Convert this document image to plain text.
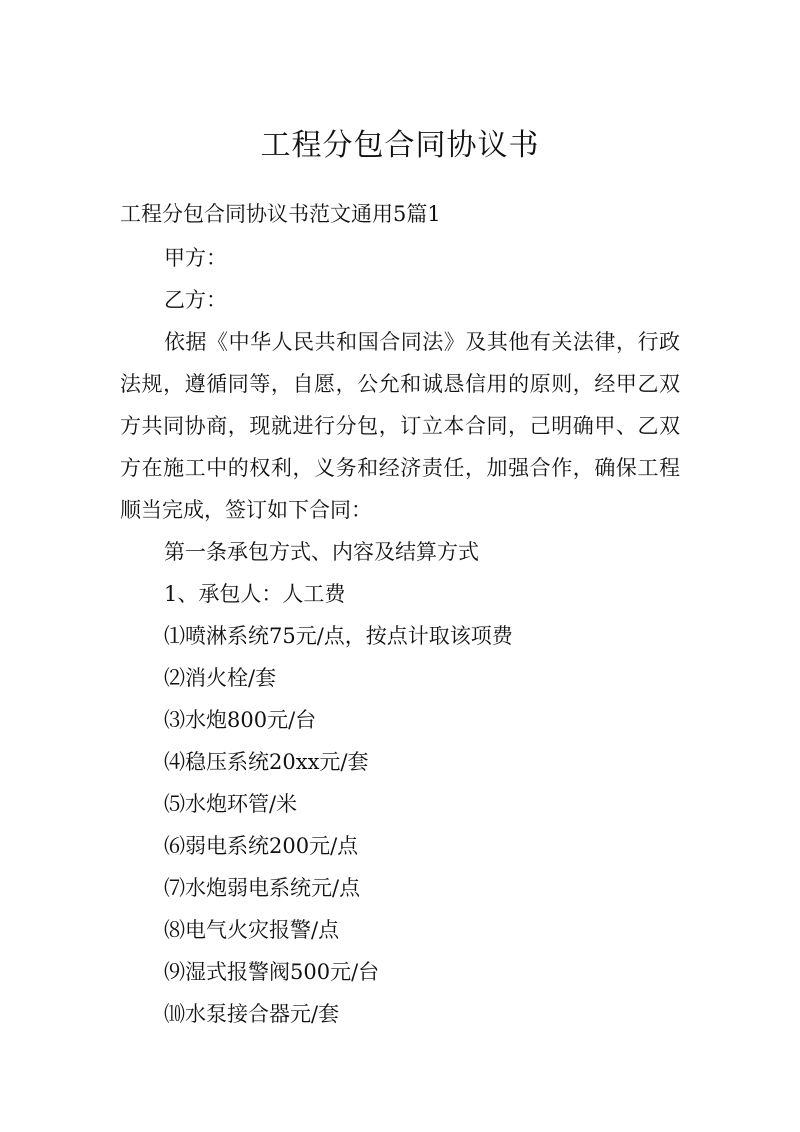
工程分包合同协议书
工程分包合同协议书范文通用5篇1
甲方：
乙方：
依据《中华人民共和国合同法》及其他有关法律，行政
法规，遵循同等，自愿，公允和诚恳信用的原则，经甲乙双
方共同协商，现就进行分包，订立本合同，己明确甲、乙双
方在施工中的权利，义务和经济责任，加强合作，确保工程
顺当完成，签订如下合同：
第一条承包方式、内容及结算方式
1、承包人：人工费
⑴喷淋系统75元/点，按点计取该项费
⑵消火栓/套
⑶水炮800元/台
⑷稳压系统20xx元/套
⑸水炮环管/米
⑹弱电系统200元/点
⑺水炮弱电系统元/点
⑻电气火灾报警/点
⑼湿式报警阀500元/台
⑽水泵接合器元/套
